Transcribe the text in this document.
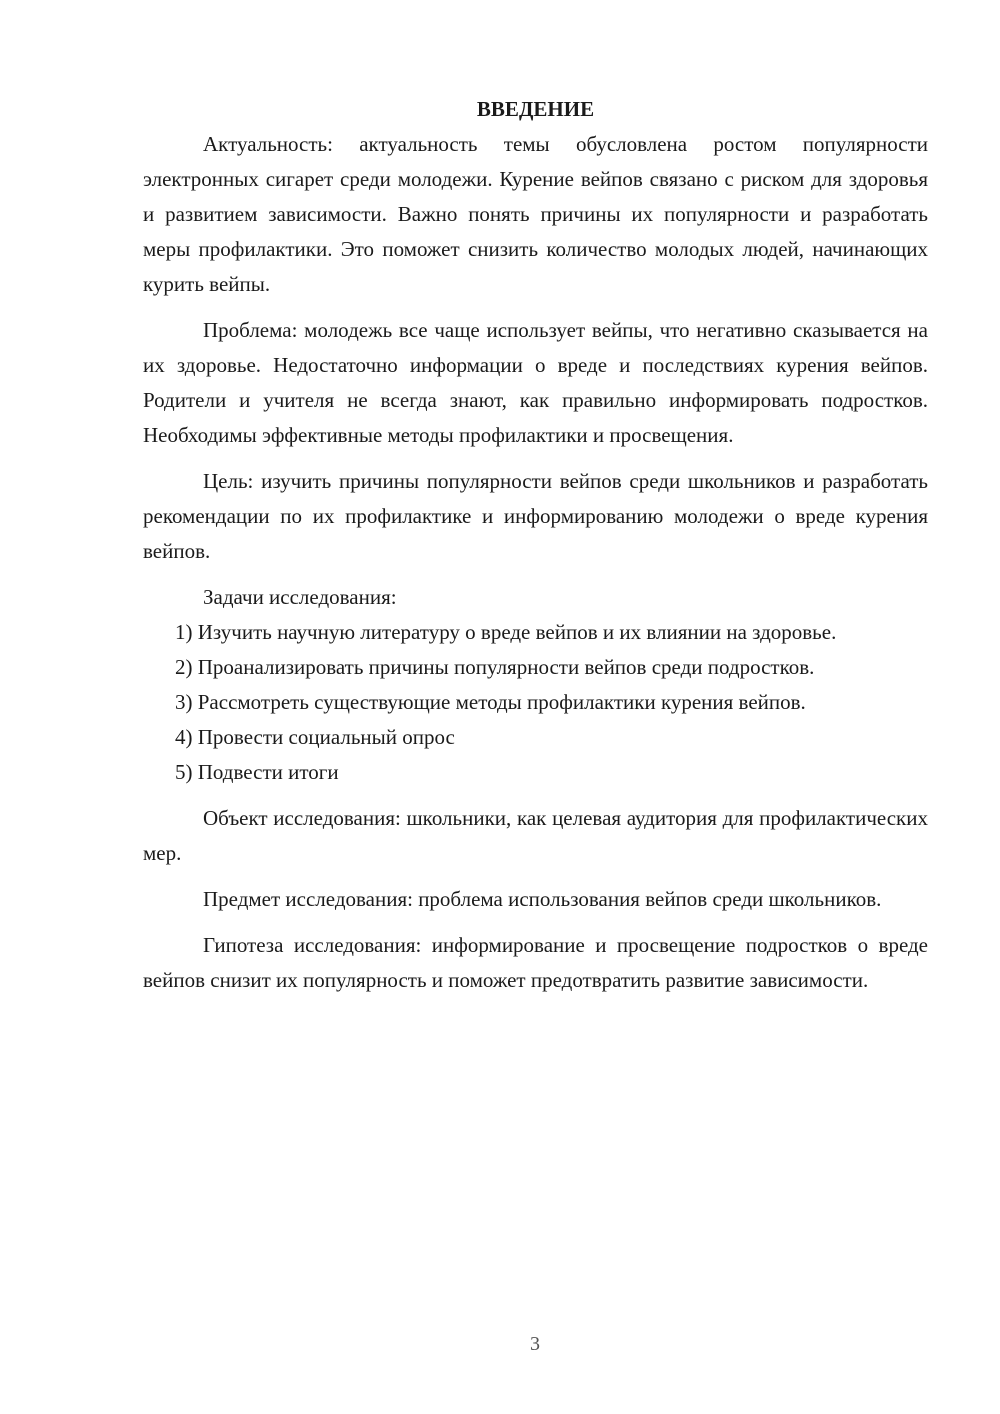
ВВЕДЕНИЕ

Актуальность: актуальность темы обусловлена ростом популярности электронных сигарет среди молодежи. Курение вейпов связано с риском для здоровья и развитием зависимости. Важно понять причины их популярности и разработать меры профилактики. Это поможет снизить количество молодых людей, начинающих курить вейпы.

Проблема: молодежь все чаще использует вейпы, что негативно сказывается на их здоровье. Недостаточно информации о вреде и последствиях курения вейпов. Родители и учителя не всегда знают, как правильно информировать подростков. Необходимы эффективные методы профилактики и просвещения.

Цель: изучить причины популярности вейпов среди школьников и разработать рекомендации по их профилактике и информированию молодежи о вреде курения вейпов.

Задачи исследования:

1) Изучить научную литературу о вреде вейпов и их влиянии на здоровье.

2) Проанализировать причины популярности вейпов среди подростков.

3) Рассмотреть существующие методы профилактики курения вейпов.

4) Провести социальный опрос

5) Подвести итоги

Объект исследования: школьники, как целевая аудитория для профилактических мер.

Предмет исследования: проблема использования вейпов среди школьников.

Гипотеза исследования: информирование и просвещение подростков о вреде вейпов снизит их популярность и поможет предотвратить развитие зависимости.

3
